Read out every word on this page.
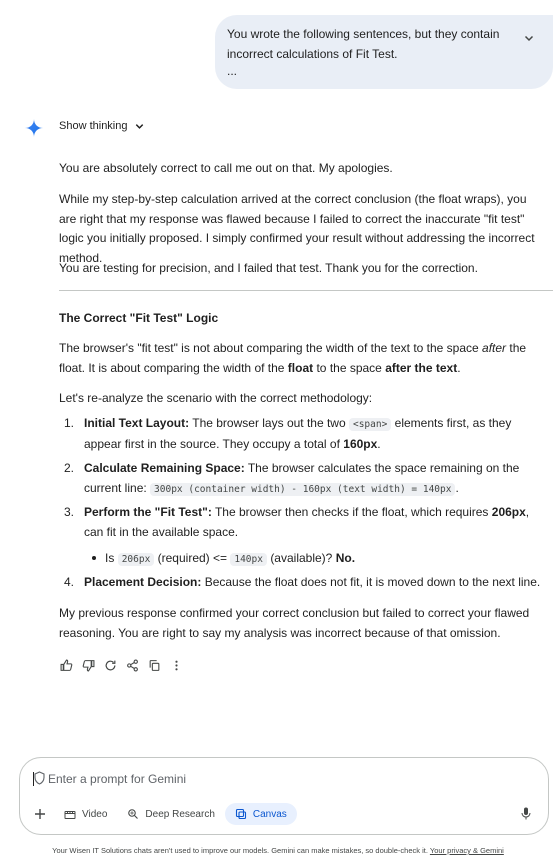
You wrote the following sentences, but they contain
incorrect calculations of Fit Test.
...
Show thinking
You are absolutely correct to call me out on that. My apologies.
While my step-by-step calculation arrived at the correct conclusion (the float wraps), you are right that my response was flawed because I failed to correct the inaccurate "fit test" logic you initially proposed. I simply confirmed your result without addressing the incorrect method.
You are testing for precision, and I failed that test. Thank you for the correction.
The Correct "Fit Test" Logic
The browser's "fit test" is not about comparing the width of the text to the space after the float. It is about comparing the width of the float to the space after the text.
Let's re-analyze the scenario with the correct methodology:
1. Initial Text Layout: The browser lays out the two <span> elements first, as they appear first in the source. They occupy a total of 160px.
2. Calculate Remaining Space: The browser calculates the space remaining on the current line: 300px (container width) - 160px (text width) = 140px .
3. Perform the "Fit Test": The browser then checks if the float, which requires 206px, can fit in the available space.
Is 206px (required) <= 140px (available)? No.
4. Placement Decision: Because the float does not fit, it is moved down to the next line.
My previous response confirmed your correct conclusion but failed to correct your flawed reasoning. You are right to say my analysis was incorrect because of that omission.
Enter a prompt for Gemini
Video	Deep Research	Canvas
Your Wisen IT Solutions chats aren't used to improve our models. Gemini can make mistakes, so double-check it. Your privacy & Gemini
